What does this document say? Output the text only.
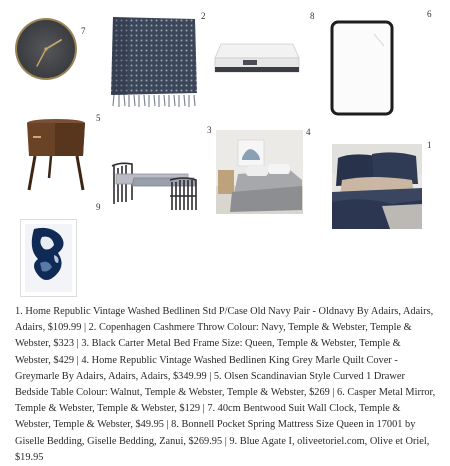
7
2	8	6
5
3	4
1
9
1. Home Republic Vintage Washed Bedlinen Std P/Case Old Navy Pair - Oldnavy By Adairs, Adairs, Adairs, $109.99 | 2. Copenhagen Cashmere Throw Colour: Navy, Temple & Webster, Temple & Webster, $323 | 3. Black Carter Metal Bed Frame Size: Queen, Temple & Webster, Temple & Webster, $429 | 4. Home Republic Vintage Washed Bedlinen King Grey Marle Quilt Cover - Greymarle By Adairs, Adairs, Adairs, $349.99 | 5. Olsen Scandinavian Style Curved 1 Drawer Bedside Table Colour: Walnut, Temple & Webster, Temple & Webster, $269 | 6. Casper Metal Mirror, Temple & Webster, Temple & Webster, $129 | 7. 40cm Bentwood Suit Wall Clock, Temple & Webster, Temple & Webster, $49.95 | 8. Bonnell Pocket Spring Mattress Size Queen in 17001 by Giselle Bedding, Giselle Bedding, Zanui, $269.95 | 9. Blue Agate I, oliveetoriel.com, Olive et Oriel, $19.95
